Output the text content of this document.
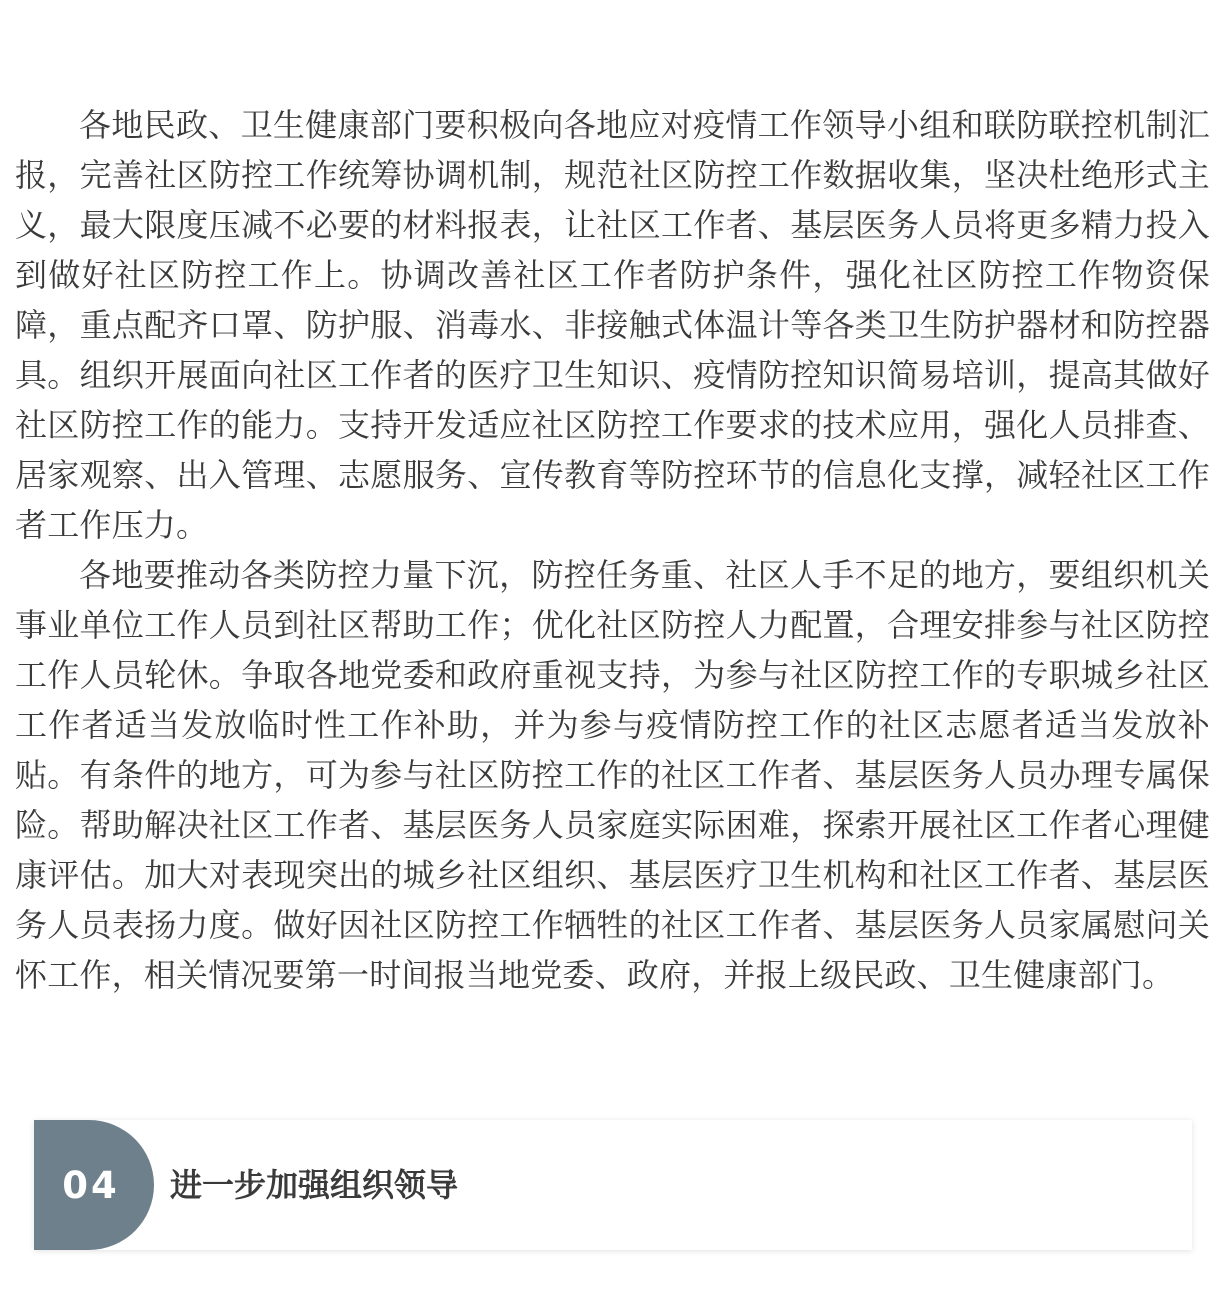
各地民政、卫生健康部门要积极向各地应对疫情工作领导小组和联防联控机制汇报，完善社区防控工作统筹协调机制，规范社区防控工作数据收集，坚决杜绝形式主义，最大限度压减不必要的材料报表，让社区工作者、基层医务人员将更多精力投入到做好社区防控工作上。协调改善社区工作者防护条件，强化社区防控工作物资保障，重点配齐口罩、防护服、消毒水、非接触式体温计等各类卫生防护器材和防控器具。组织开展面向社区工作者的医疗卫生知识、疫情防控知识简易培训，提高其做好社区防控工作的能力。支持开发适应社区防控工作要求的技术应用，强化人员排查、居家观察、出入管理、志愿服务、宣传教育等防控环节的信息化支撑，减轻社区工作者工作压力。

各地要推动各类防控力量下沉，防控任务重、社区人手不足的地方，要组织机关事业单位工作人员到社区帮助工作；优化社区防控人力配置，合理安排参与社区防控工作人员轮休。争取各地党委和政府重视支持，为参与社区防控工作的专职城乡社区工作者适当发放临时性工作补助，并为参与疫情防控工作的社区志愿者适当发放补贴。有条件的地方，可为参与社区防控工作的社区工作者、基层医务人员办理专属保险。帮助解决社区工作者、基层医务人员家庭实际困难，探索开展社区工作者心理健康评估。加大对表现突出的城乡社区组织、基层医疗卫生机构和社区工作者、基层医务人员表扬力度。做好因社区防控工作牺牲的社区工作者、基层医务人员家属慰问关怀工作，相关情况要第一时间报当地党委、政府，并报上级民政、卫生健康部门。

04 进一步加强组织领导
